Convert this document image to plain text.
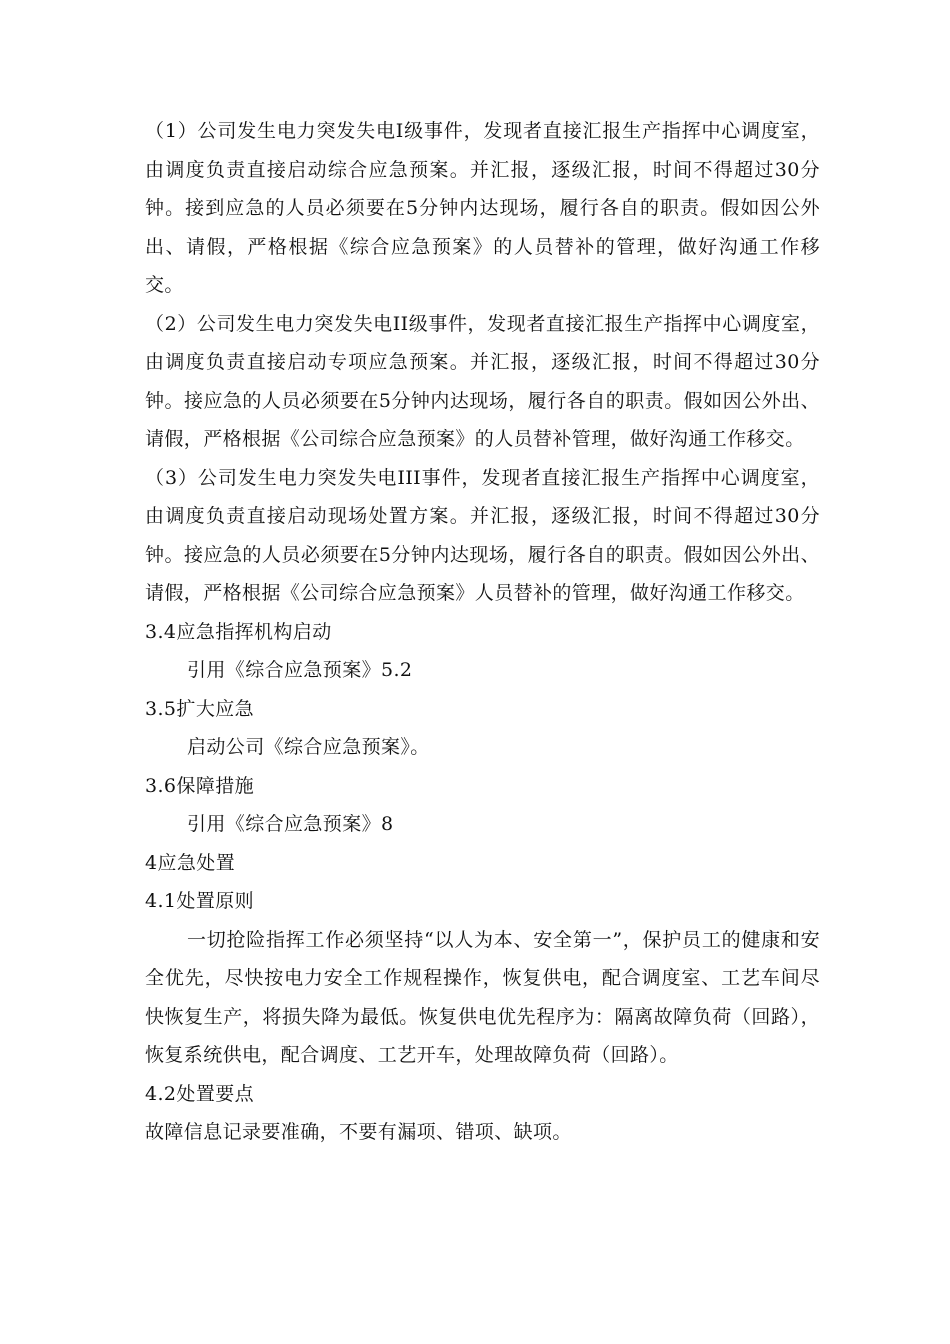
（1）公司发生电力突发失电Ⅰ级事件，发现者直接汇报生产指挥中心调度室，由调度负责直接启动综合应急预案。并汇报，逐级汇报，时间不得超过30分钟。接到应急的人员必须要在5分钟内达现场，履行各自的职责。假如因公外出、请假，严格根据《综合应急预案》的人员替补的管理，做好沟通工作移交。

（2）公司发生电力突发失电II级事件，发现者直接汇报生产指挥中心调度室，由调度负责直接启动专项应急预案。并汇报，逐级汇报，时间不得超过30分钟。接应急的人员必须要在5分钟内达现场，履行各自的职责。假如因公外出、请假，严格根据《公司综合应急预案》的人员替补管理，做好沟通工作移交。

（3）公司发生电力突发失电III事件，发现者直接汇报生产指挥中心调度室，由调度负责直接启动现场处置方案。并汇报，逐级汇报，时间不得超过30分钟。接应急的人员必须要在5分钟内达现场，履行各自的职责。假如因公外出、请假，严格根据《公司综合应急预案》人员替补的管理，做好沟通工作移交。

3.4应急指挥机构启动

引用《综合应急预案》5.2

3.5扩大应急

启动公司《综合应急预案》。

3.6保障措施

引用《综合应急预案》8

4应急处置

4.1处置原则

一切抢险指挥工作必须坚持“以人为本、安全第一”，保护员工的健康和安全优先，尽快按电力安全工作规程操作，恢复供电，配合调度室、工艺车间尽快恢复生产，将损失降为最低。恢复供电优先程序为：隔离故障负荷（回路），恢复系统供电，配合调度、工艺开车，处理故障负荷（回路）。

4.2处置要点

故障信息记录要准确，不要有漏项、错项、缺项。
